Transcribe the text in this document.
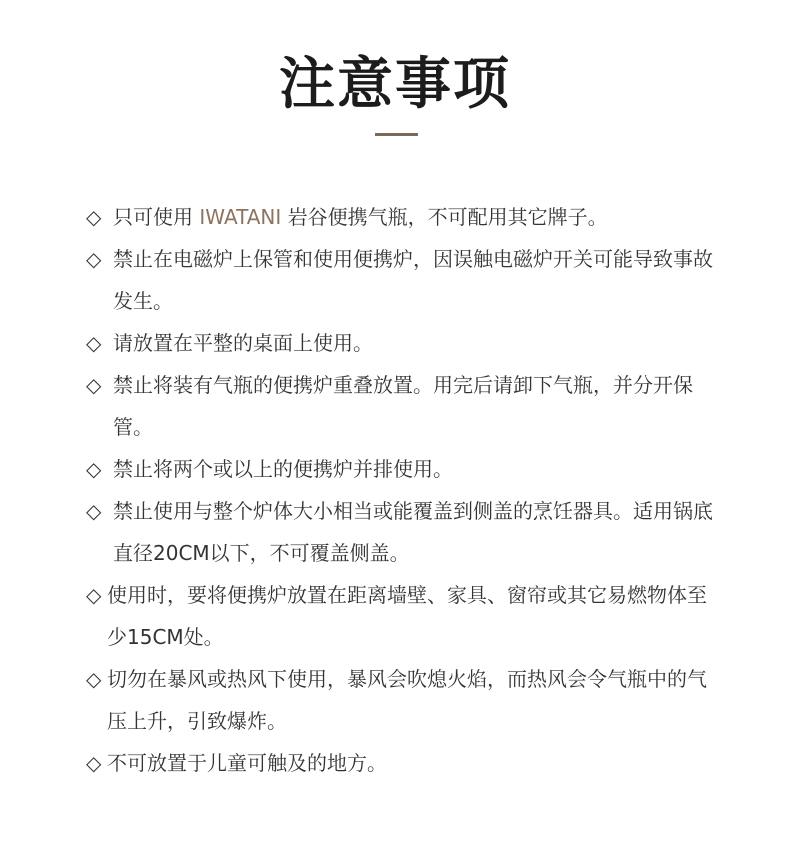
注意事项
◇ 只可使用 IWATANI 岩谷便携气瓶，不可配用其它牌子。
◇ 禁止在电磁炉上保管和使用便携炉，因误触电磁炉开关可能导致事故发生。
◇ 请放置在平整的桌面上使用。
◇ 禁止将装有气瓶的便携炉重叠放置。用完后请卸下气瓶，并分开保管。
◇ 禁止将两个或以上的便携炉并排使用。
◇ 禁止使用与整个炉体大小相当或能覆盖到侧盖的烹饪器具。适用锅底直径20CM以下，不可覆盖侧盖。
◇ 使用时，要将便携炉放置在距离墙壁、家具、窗帘或其它易燃物体至少15CM处。
◇ 切勿在暴风或热风下使用，暴风会吹熄火焰，而热风会令气瓶中的气压上升，引致爆炸。
◇ 不可放置于儿童可触及的地方。
